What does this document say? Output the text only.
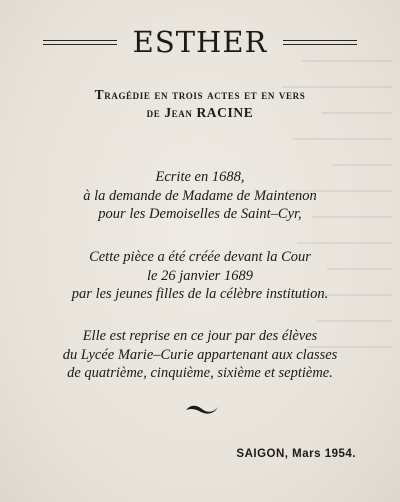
ESTHER
Tragédie en trois actes et en vers
de Jean RACINE
Ecrite en 1688,
à la demande de Madame de Maintenon
pour les Demoiselles de Saint–Cyr,
Cette pièce a été créée devant la Cour
le 26 janvier 1689
par les jeunes filles de la célèbre institution.
Elle est reprise en ce jour par des élèves
du Lycée Marie–Curie appartenant aux classes
de quatrième, cinquième, sixième et septième.
SAIGON, Mars 1954.
